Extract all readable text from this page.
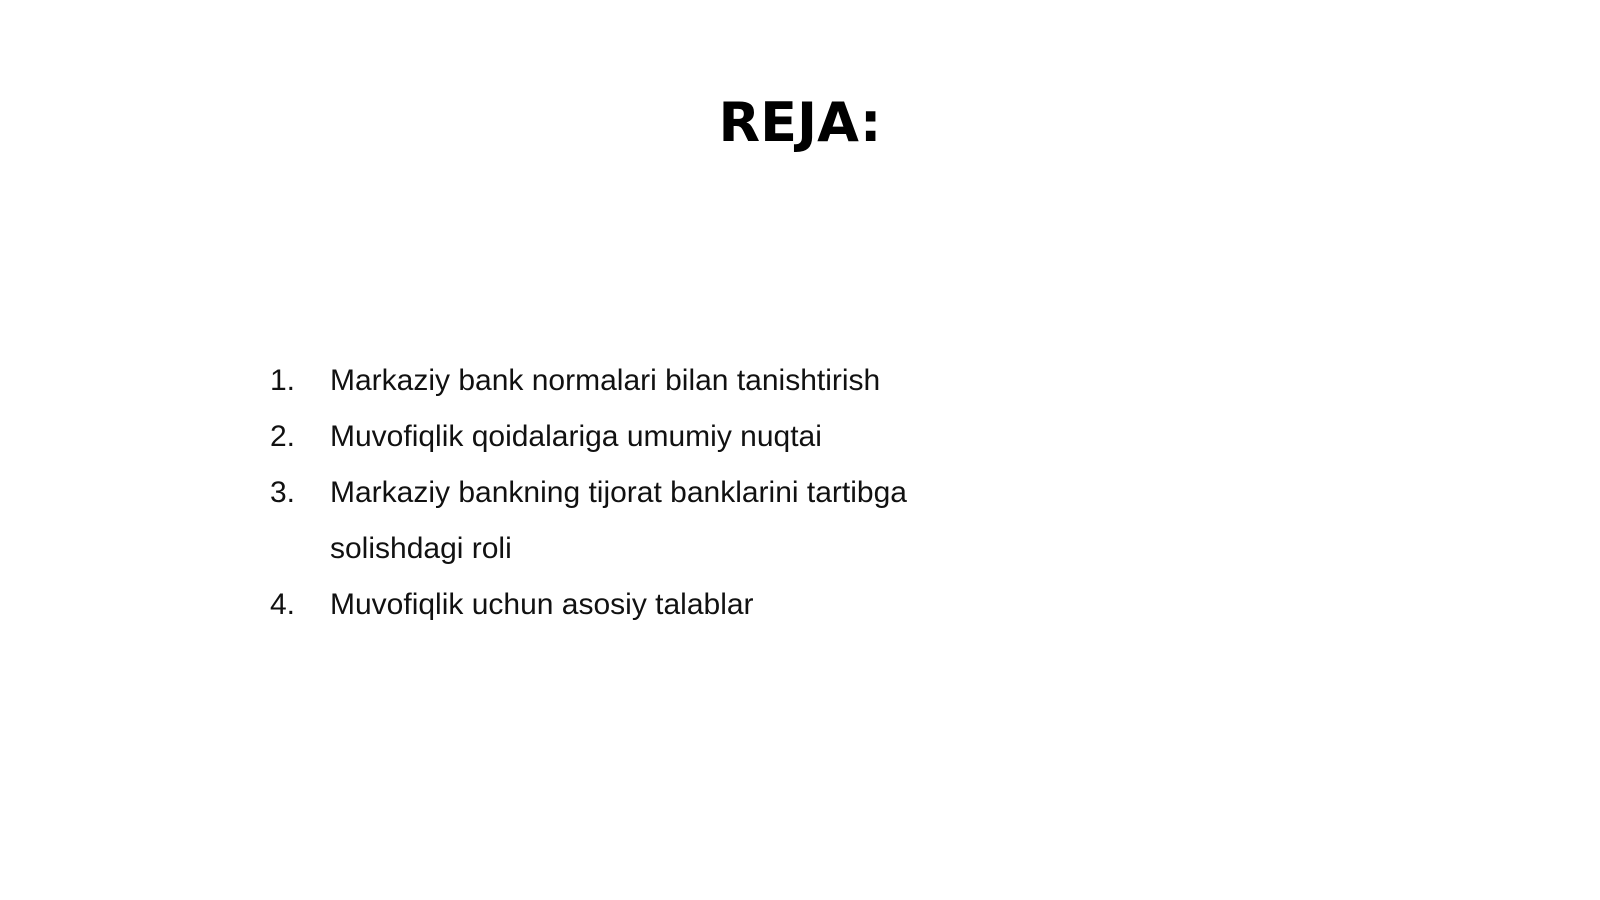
REJA:
1.	Markaziy bank normalari bilan tanishtirish
2.	Muvofiqlik qoidalariga umumiy nuqtai
3.	Markaziy bankning tijorat banklarini tartibga solishdagi roli
4.	Muvofiqlik uchun asosiy talablar
